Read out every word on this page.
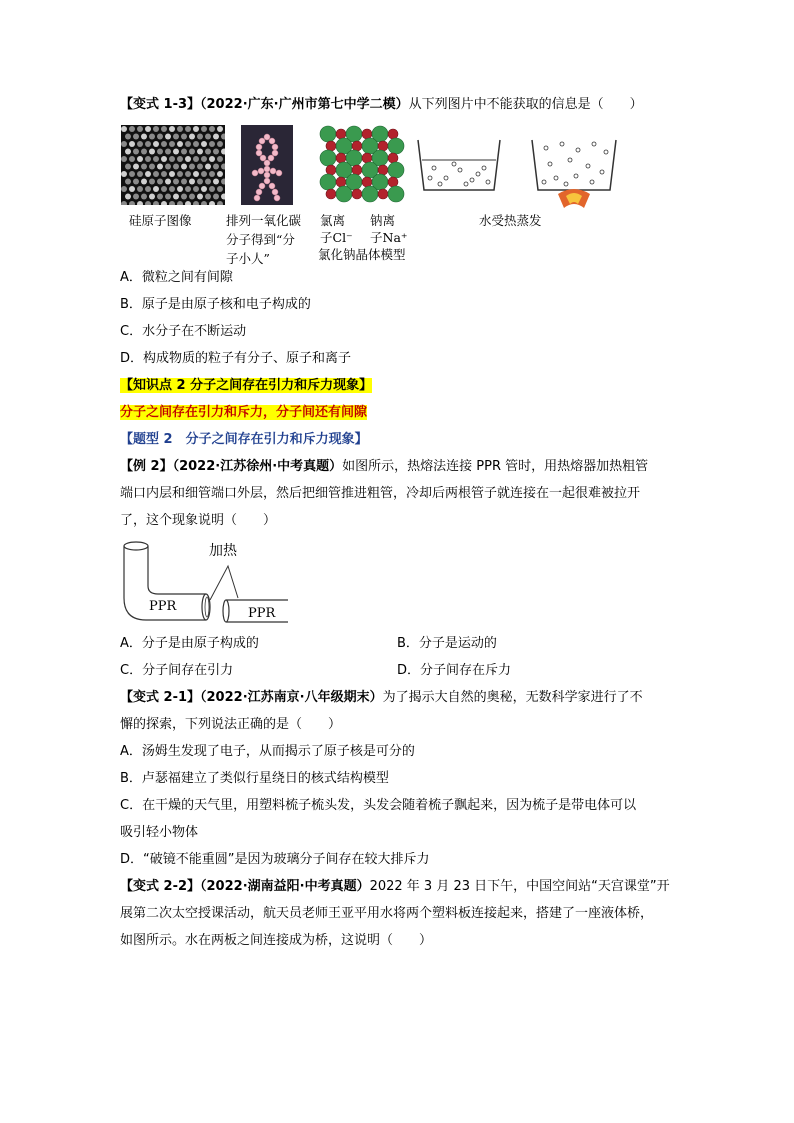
【变式 1-3】（2022·广东·广州市第七中学二模）从下列图片中不能获取的信息是（　　）
硅原子图像	排列一氧化碳
分子得到“分
子小人”
氯离
子Cl⁻
钠离
子Na⁺
氯化钠晶体模型
水受热蒸发
A．微粒之间有间隙
B．原子是由原子核和电子构成的
C．水分子在不断运动
D．构成物质的粒子有分子、原子和离子
【知识点 2 分子之间存在引力和斥力现象】
分子之间存在引力和斥力，分子间还有间隙
【题型 2　分子之间存在引力和斥力现象】
【例 2】（2022·江苏徐州·中考真题）如图所示，热熔法连接 PPR 管时，用热熔器加热粗管
端口内层和细管端口外层，然后把细管推进粗管，冷却后两根管子就连接在一起很难被拉开
了，这个现象说明（　　）
加热
PPR	PPR
A．分子是由原子构成的	B．分子是运动的
C．分子间存在引力	D．分子间存在斥力
【变式 2-1】（2022·江苏南京·八年级期末）为了揭示大自然的奥秘，无数科学家进行了不
懈的探索，下列说法正确的是（　　）
A．汤姆生发现了电子，从而揭示了原子核是可分的
B．卢瑟福建立了类似行星绕日的核式结构模型
C．在干燥的天气里，用塑料梳子梳头发，头发会随着梳子飘起来，因为梳子是带电体可以
吸引轻小物体
D．“破镜不能重圆”是因为玻璃分子间存在较大排斥力
【变式 2-2】（2022·湖南益阳·中考真题）2022 年 3 月 23 日下午，中国空间站“天宫课堂”开
展第二次太空授课活动，航天员老师王亚平用水将两个塑料板连接起来，搭建了一座液体桥，
如图所示。水在两板之间连接成为桥，这说明（　　）
